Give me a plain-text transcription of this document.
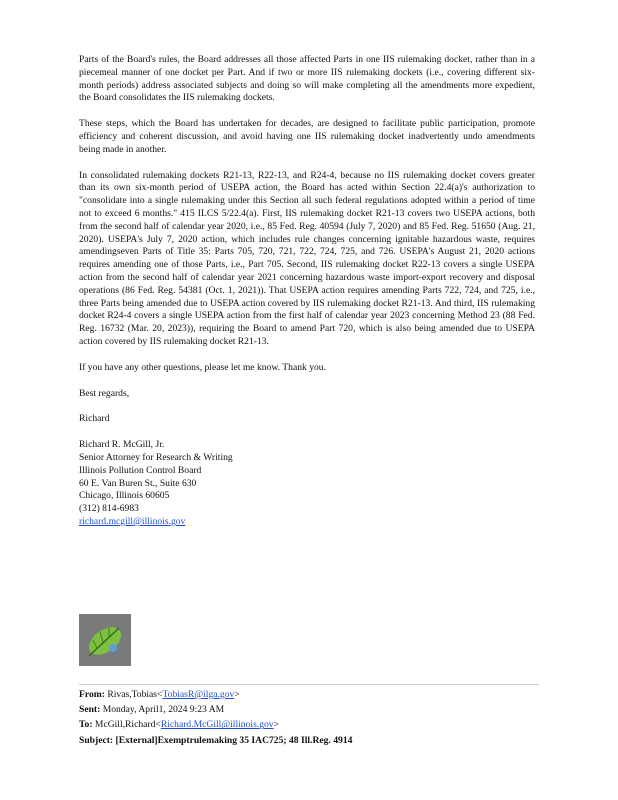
Parts of the Board's rules, the Board addresses all those affected Parts in one IIS rulemaking docket, rather than in a piecemeal manner of one docket per Part. And if two or more IIS rulemaking dockets (i.e., covering different six-month periods) address associated subjects and doing so will make completing all the amendments more expedient, the Board consolidates the IIS rulemaking dockets.

These steps, which the Board has undertaken for decades, are designed to facilitate public participation, promote efficiency and coherent discussion, and avoid having one IIS rulemaking docket inadvertently undo amendments being made in another.

In consolidated rulemaking dockets R21-13, R22-13, and R24-4, because no IIS rulemaking docket covers greater than its own six-month period of USEPA action, the Board has acted within Section 22.4(a)'s authorization to "consolidate into a single rulemaking under this Section all such federal regulations adopted within a period of time not to exceed 6 months." 415 ILCS 5/22.4(a). First, IIS rulemaking docket R21-13 covers two USEPA actions, both from the second half of calendar year 2020, i.e., 85 Fed. Reg. 40594 (July 7, 2020) and 85 Fed. Reg. 51650 (Aug. 21, 2020). USEPA's July 7, 2020 action, which includes rule changes concerning ignitable hazardous waste, requires amendingseven Parts of Title 35: Parts 705, 720, 721, 722, 724, 725, and 726. USEPA's August 21, 2020 actions requires amending one of those Parts, i.e., Part 705. Second, IIS rulemaking docket R22-13 covers a single USEPA action from the second half of calendar year 2021 concerning hazardous waste import-export recovery and disposal operations (86 Fed. Reg. 54381 (Oct. 1, 2021)). That USEPA action requires amending Parts 722, 724, and 725, i.e., three Parts being amended due to USEPA action covered by IIS rulemaking docket R21-13. And third, IIS rulemaking docket R24-4 covers a single USEPA action from the first half of calendar year 2023 concerning Method 23 (88 Fed. Reg. 16732 (Mar. 20, 2023)), requiring the Board to amend Part 720, which is also being amended due to USEPA action covered by IIS rulemaking docket R21-13.

If you have any other questions, please let me know. Thank you.

Best regards,

Richard

Richard R. McGill, Jr.
Senior Attorney for Research & Writing
Illinois Pollution Control Board
60 E. Van Buren St., Suite 630
Chicago, Illinois 60605
(312) 814-6983
richard.mcgill@illinois.gov
From: Rivas,Tobias<TobiasR@ilga.gov>
Sent: Monday, April1, 2024 9:23 AM
To: McGill,Richard<Richard.McGill@illinois.gov>
Subject: [External]Exemptrulemaking 35 IAC725; 48 Ill.Reg. 4914
